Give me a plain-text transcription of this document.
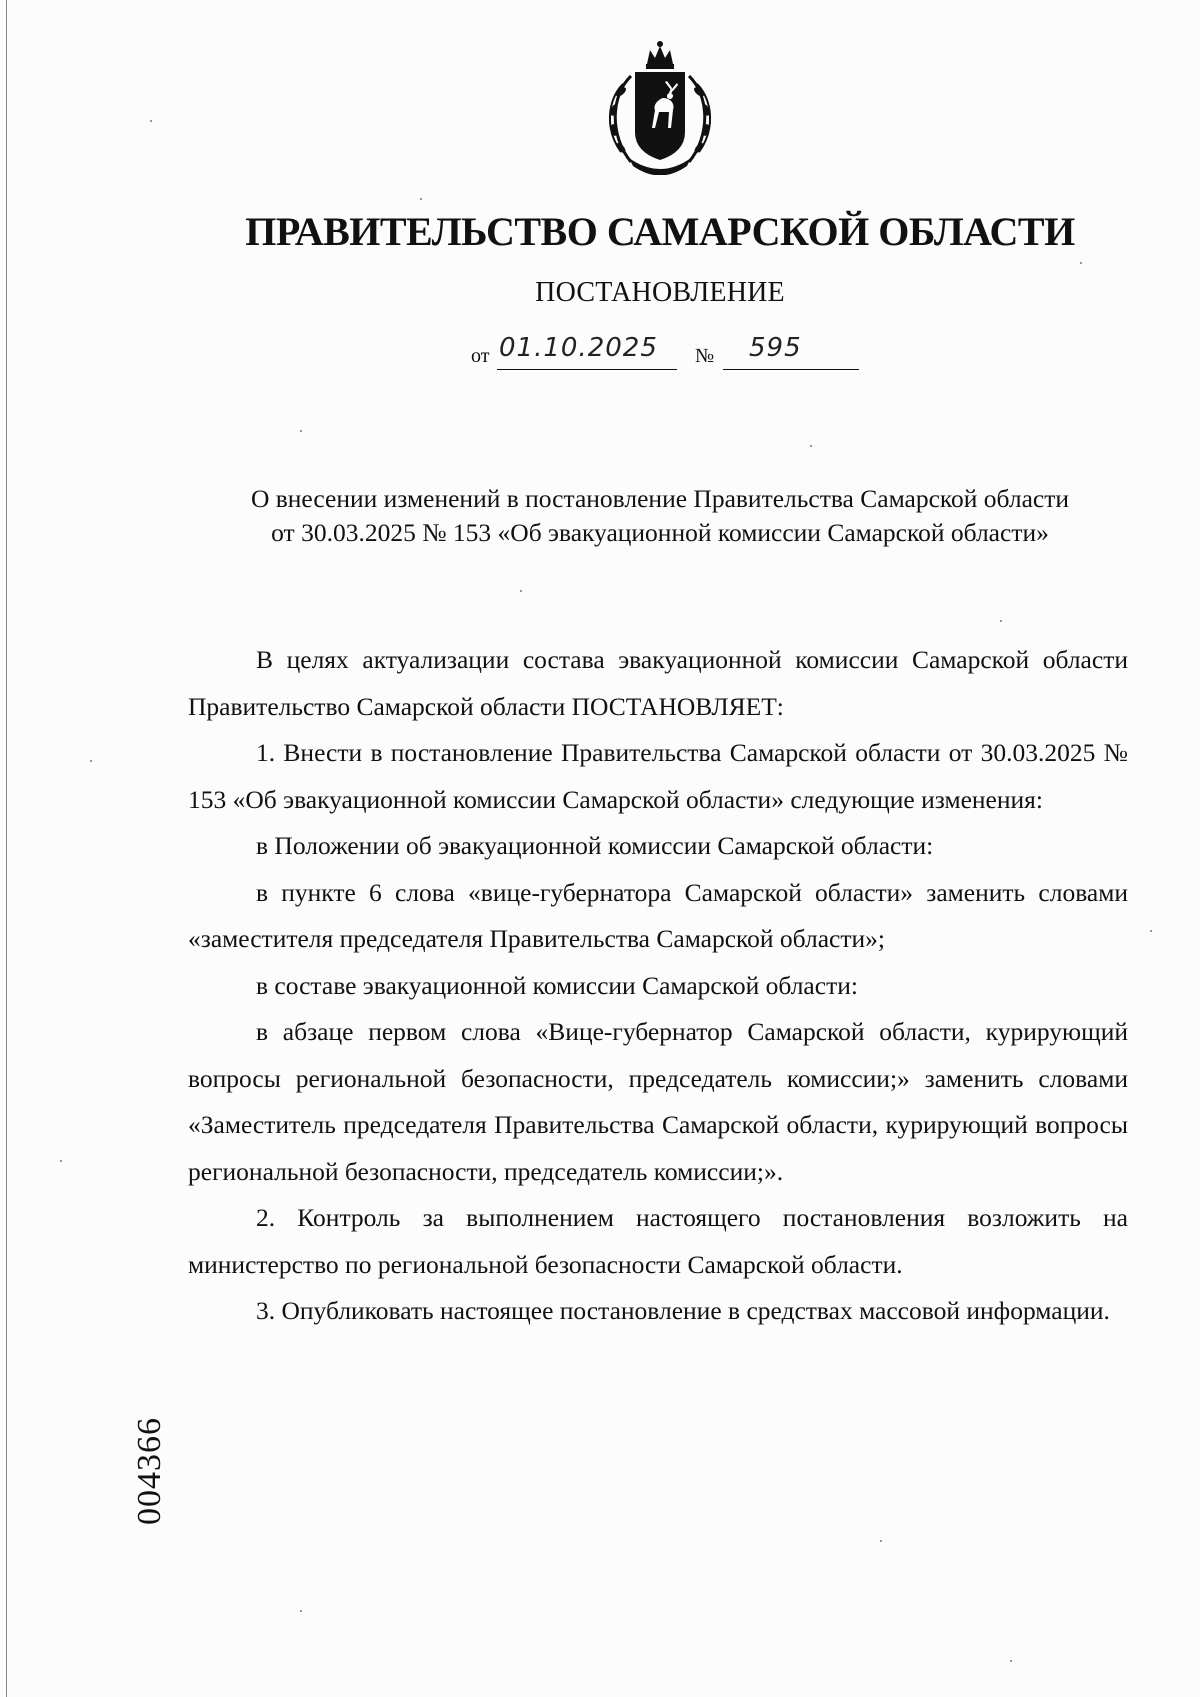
ПРАВИТЕЛЬСТВО САМАРСКОЙ ОБЛАСТИ
ПОСТАНОВЛЕНИЕ
от 01.10.2025 № 595
О внесении изменений в постановление Правительства Самарской области
от 30.03.2025 № 153 «Об эвакуационной комиссии Самарской области»

В целях актуализации состава эвакуационной комиссии Самарской области Правительство Самарской области ПОСТАНОВЛЯЕТ:

1. Внести в постановление Правительства Самарской области от 30.03.2025 № 153 «Об эвакуационной комиссии Самарской области» следующие изменения:

в Положении об эвакуационной комиссии Самарской области:

в пункте 6 слова «вице-губернатора Самарской области» заменить словами «заместителя председателя Правительства Самарской области»;

в составе эвакуационной комиссии Самарской области:

в абзаце первом слова «Вице-губернатор Самарской области, курирующий вопросы региональной безопасности, председатель комиссии;» заменить словами «Заместитель председателя Правительства Самарской области, курирующий вопросы региональной безопасности, председатель комиссии;».

2. Контроль за выполнением настоящего постановления возложить на министерство по региональной безопасности Самарской области.

3. Опубликовать настоящее постановление в средствах массовой информации.

004366
